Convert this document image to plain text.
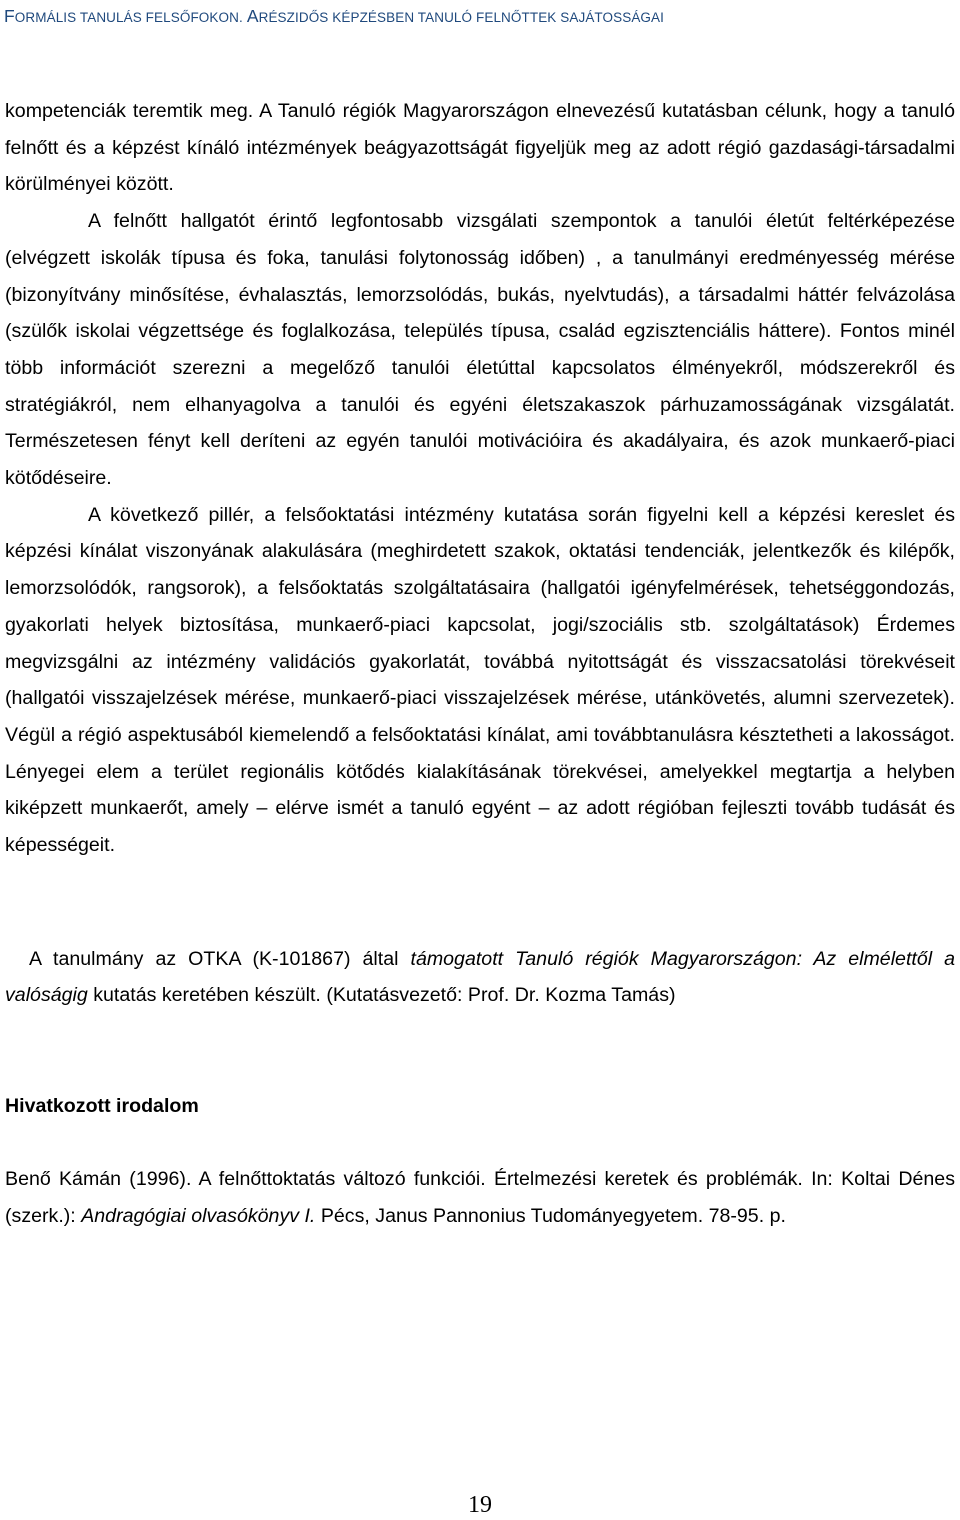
FORMÁLIS TANULÁS FELSŐFOKON. ARÉSZIDŐS KÉPZÉSBEN TANULÓ FELNŐTTEK SAJÁTOSSÁGAI

kompetenciák teremtik meg. A Tanuló régiók Magyarországon elnevezésű kutatásban célunk, hogy a tanuló felnőtt és a képzést kínáló intézmények beágyazottságát figyeljük meg az adott régió gazdasági-társadalmi körülményei között.

A felnőtt hallgatót érintő legfontosabb vizsgálati szempontok a tanulói életút feltérképezése (elvégzett iskolák típusa és foka, tanulási folytonosság időben) , a tanulmányi eredményesség mérése (bizonyítvány minősítése, évhalasztás, lemorzsolódás, bukás, nyelvtudás), a társadalmi háttér felvázolása (szülők iskolai végzettsége és foglalkozása, település típusa, család egzisztenciális háttere). Fontos minél több információt szerezni a megelőző tanulói életúttal kapcsolatos élményekről, módszerekről és stratégiákról, nem elhanyagolva a tanulói és egyéni életszakaszok párhuzamosságának vizsgálatát. Természetesen fényt kell deríteni az egyén tanulói motivációira és akadályaira, és azok munkaerő-piaci kötődéseire.

A következő pillér, a felsőoktatási intézmény kutatása során figyelni kell a képzési kereslet és képzési kínálat viszonyának alakulására (meghirdetett szakok, oktatási tendenciák, jelentkezők és kilépők, lemorzsolódók, rangsorok), a felsőoktatás szolgáltatásaira (hallgatói igényfelmérések, tehetséggondozás, gyakorlati helyek biztosítása, munkaerő-piaci kapcsolat, jogi/szociális stb. szolgáltatások) Érdemes megvizsgálni az intézmény validációs gyakorlatát, továbbá nyitottságát és visszacsatolási törekvéseit (hallgatói visszajelzések mérése, munkaerő-piaci visszajelzések mérése, utánkövetés, alumni szervezetek). Végül a régió aspektusából kiemelendő a felsőoktatási kínálat, ami továbbtanulásra késztetheti a lakosságot. Lényegei elem a terület regionális kötődés kialakításának törekvései, amelyekkel megtartja a helyben kiképzett munkaerőt, amely – elérve ismét a tanuló egyént – az adott régióban fejleszti tovább tudását és képességeit.

A tanulmány az OTKA (K-101867) által támogatott Tanuló régiók Magyarországon: Az elmélettől a valóságig kutatás keretében készült. (Kutatásvezető: Prof. Dr. Kozma Tamás)

Hivatkozott irodalom

Benő Kámán (1996). A felnőttoktatás változó funkciói. Értelmezési keretek és problémák. In: Koltai Dénes (szerk.): Andragógiai olvasókönyv I. Pécs, Janus Pannonius Tudományegyetem. 78-95. p.

19
